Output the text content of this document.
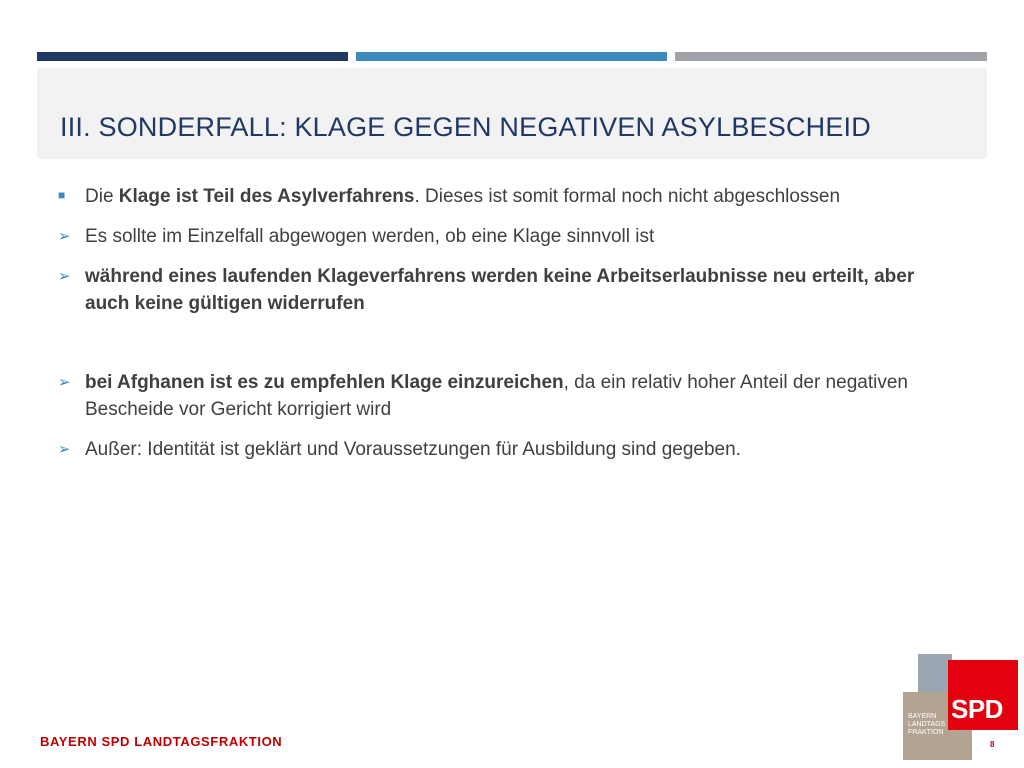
III. SONDERFALL: KLAGE GEGEN NEGATIVEN ASYLBESCHEID
■	Die Klage ist Teil des Asylverfahrens. Dieses ist somit formal noch nicht abgeschlossen
➢ Es sollte im Einzelfall abgewogen werden, ob eine Klage sinnvoll ist
➢ während eines laufenden Klageverfahrens werden keine Arbeitserlaubnisse neu erteilt, aber auch keine gültigen widerrufen
➢ bei Afghanen ist es zu empfehlen Klage einzureichen, da ein relativ hoher Anteil der negativen Bescheide vor Gericht korrigiert wird
➢ Außer: Identität ist geklärt und Voraussetzungen für Ausbildung sind gegeben.
BAYERN SPD LANDTAGSFRAKTION	8
SPD
BAYERN
LANDTAGS
FRAKTION
